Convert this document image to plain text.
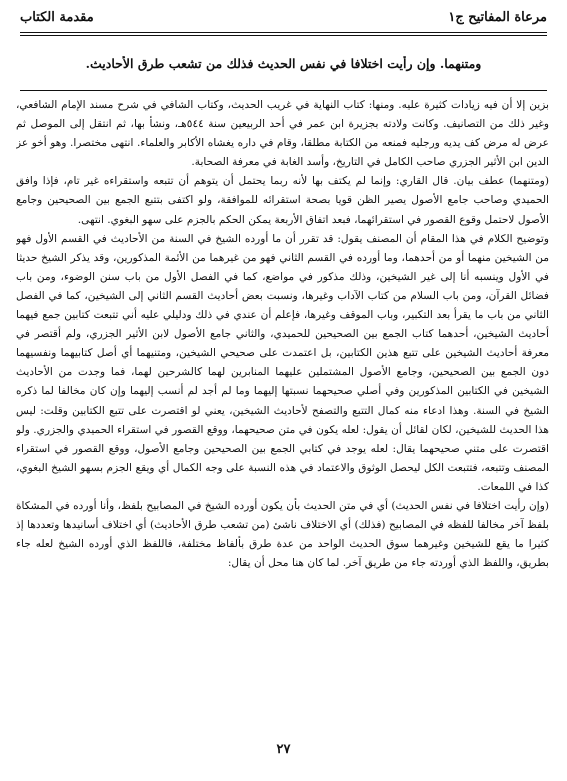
مرعاة المفاتيح ج١
مقدمة الكتاب
ومتنهما. وإن رأيت اختلافا في نفس الحديث فذلك من تشعب طرق الأحاديث.

بزين إلا أن فيه زيادات كثيرة عليه. ومنها: كتاب النهاية في غريب الحديث، وكتاب الشافي في شرح مسند الإمام الشافعي، وغير ذلك من التصانيف. وكانت ولادته بجزيرة ابن عمر في أحد الربيعين سنة ٥٤٤هـ، ونشأ بها، ثم انتقل إلى الموصل ثم عرض له مرض كف يديه ورجليه فمنعه من الكتابة مطلقا، وقام في داره يغشاه الأكابر والعلماء. انتهى مختصرا. وهو أخو عز الدين ابن الأثير الجزري صاحب الكامل في التاريخ، وأسد الغابة في معرفة الصحابة.

(ومتنهما) عطف بيان. قال القاري: وإنما لم يكتف بها لأنه ربما يحتمل أن يتوهم أن تتبعه واستقراءه غير تام، فإذا وافق الحميدي وصاحب جامع الأصول يصير الظن قويا بصحة استقرائه للموافقة، ولو اكتفى بتتبع الجمع بين الصحيحين وجامع الأصول لاحتمل وقوع القصور في استقرائهما، فبعد اتفاق الأربعة يمكن الحكم بالجزم على سهو البغوي. انتهى.

وتوضيح الكلام في هذا المقام أن المصنف يقول: قد تقرر أن ما أورده الشيخ في السنة من الأحاديث في القسم الأول فهو من الشيخين منهما أو من أحدهما، وما أورده في القسم الثاني فهو من غيرهما من الأئمة المذكورين، وقد يذكر الشيخ حديثا في الأول وينسبه أنا إلى غير الشيخين، وذلك مذكور في مواضع، كما في الفصل الأول من باب سنن الوضوء، ومن باب فضائل القرآن، ومن باب السلام من كتاب الآداب وغيرها، ونسبت بعض أحاديث القسم الثاني إلى الشيخين، كما في الفصل الثاني من باب ما يقرأ بعد التكبير، وباب الموقف وغيرها، فإعلم أن عندي في ذلك ودليلي عليه أني تتبعت كتابين جمع فيهما أحاديث الشيخين، أحدهما كتاب الجمع بين الصحيحين للحميدي، والثاني جامع الأصول لابن الأثير الجزري، ولم أقتصر في معرفة أحاديث الشيخين على تتبع هذين الكتابين، بل اعتمدت على صحيحي الشيخين، ومتنيهما أي أصل كتابيهما ونفسيهما دون الجمع بين الصحيحين، وجامع الأصول المشتملين عليهما المنابرين لهما كالشرحين لهما، فما وجدت من الأحاديث الشيخين في الكتابين المذكورين وفي أصلي صحيحهما نسبتها إليهما وما لم أجد لم أنسب إليهما وإن كان مخالفا لما ذكره الشيخ في السنة. وهذا ادعاء منه كمال التتبع والتصفح لأحاديث الشيخين، يعني لو اقتصرت على تتبع الكتابين وقلت: ليس هذا الحديث للشيخين، لكان لقائل أن يقول: لعله يكون في متن صحيحهما، ووقع القصور في استقراء الحميدي والجزري. ولو اقتصرت على متني صحيحهما يقال: لعله يوجد في كتابي الجمع بين الصحيحين وجامع الأصول، ووقع القصور في استقراء المصنف وتتبعه، فتتبعت الكل ليحصل الوثوق والاعتماد في هذه النسبة على وجه الكمال أي ويقع الجزم بسهو الشيخ البغوي، كذا في اللمعات.

(وإن رأيت اختلافا في نفس الحديث) أي في متن الحديث بأن يكون أورده الشيخ في المصابيح بلفظ، وأنا أورده في المشكاة بلفظ آخر مخالفا للفظه في المصابيح (فذلك) أي الاختلاف ناشئ (من تشعب طرق الأحاديث) أي اختلاف أسانيدها وتعددها إذ كثيرا ما يقع للشيخين وغيرهما سوق الحديث الواحد من عدة طرق بألفاظ مختلفة، فاللفظ الذي أورده الشيخ لعله جاء بطريق، واللفظ الذي أوردته جاء من طريق آخر. لما كان هنا محل أن يقال:

٢٧
